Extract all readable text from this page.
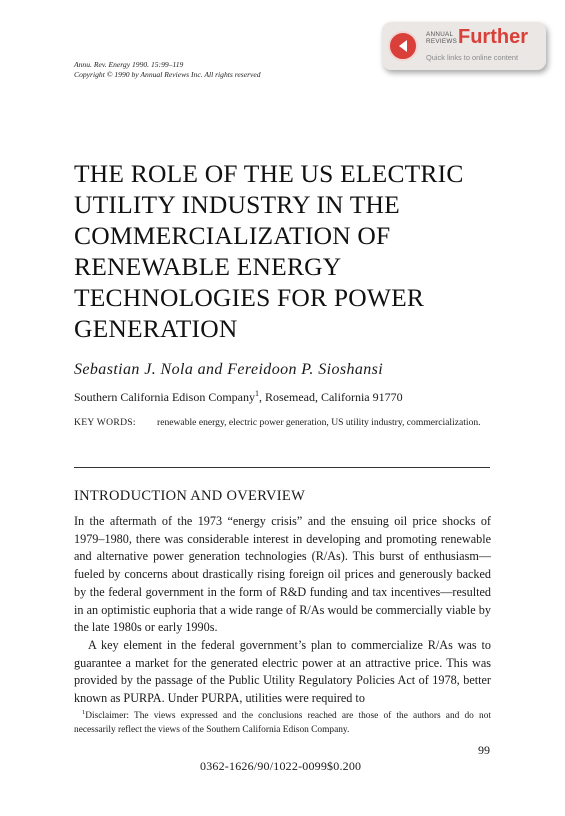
Annu. Rev. Energy 1990. 15:99–119
Copyright © 1990 by Annual Reviews Inc. All rights reserved
ANNUAL
REVIEWS Further
Quick links to online content
THE ROLE OF THE US ELECTRIC
UTILITY INDUSTRY IN THE
COMMERCIALIZATION OF
RENEWABLE ENERGY
TECHNOLOGIES FOR POWER
GENERATION
Sebastian J. Nola and Fereidoon P. Sioshansi
Southern California Edison Company$^1$, Rosemead, California 91770
KEY WORDS: renewable energy, electric power generation, US utility industry, commercialization.
INTRODUCTION AND OVERVIEW

In the aftermath of the 1973 “energy crisis” and the ensuing oil price shocks of 1979–1980, there was considerable interest in developing and promoting renewable and alternative power generation technologies (R/As). This burst of enthusiasm—fueled by concerns about drastically rising foreign oil prices and generously backed by the federal government in the form of R&D funding and tax incentives—resulted in an optimistic euphoria that a wide range of R/As would be commercially viable by the late 1980s or early 1990s.

A key element in the federal government’s plan to commercialize R/As was to guarantee a market for the generated electric power at an attractive price. This was provided by the passage of the Public Utility Regulatory Policies Act of 1978, better known as PURPA. Under PURPA, utilities were required to

$^1$Disclaimer: The views expressed and the conclusions reached are those of the authors and do not necessarily reflect the views of the Southern California Edison Company.
99
0362-1626/90/1022-0099$0.200
